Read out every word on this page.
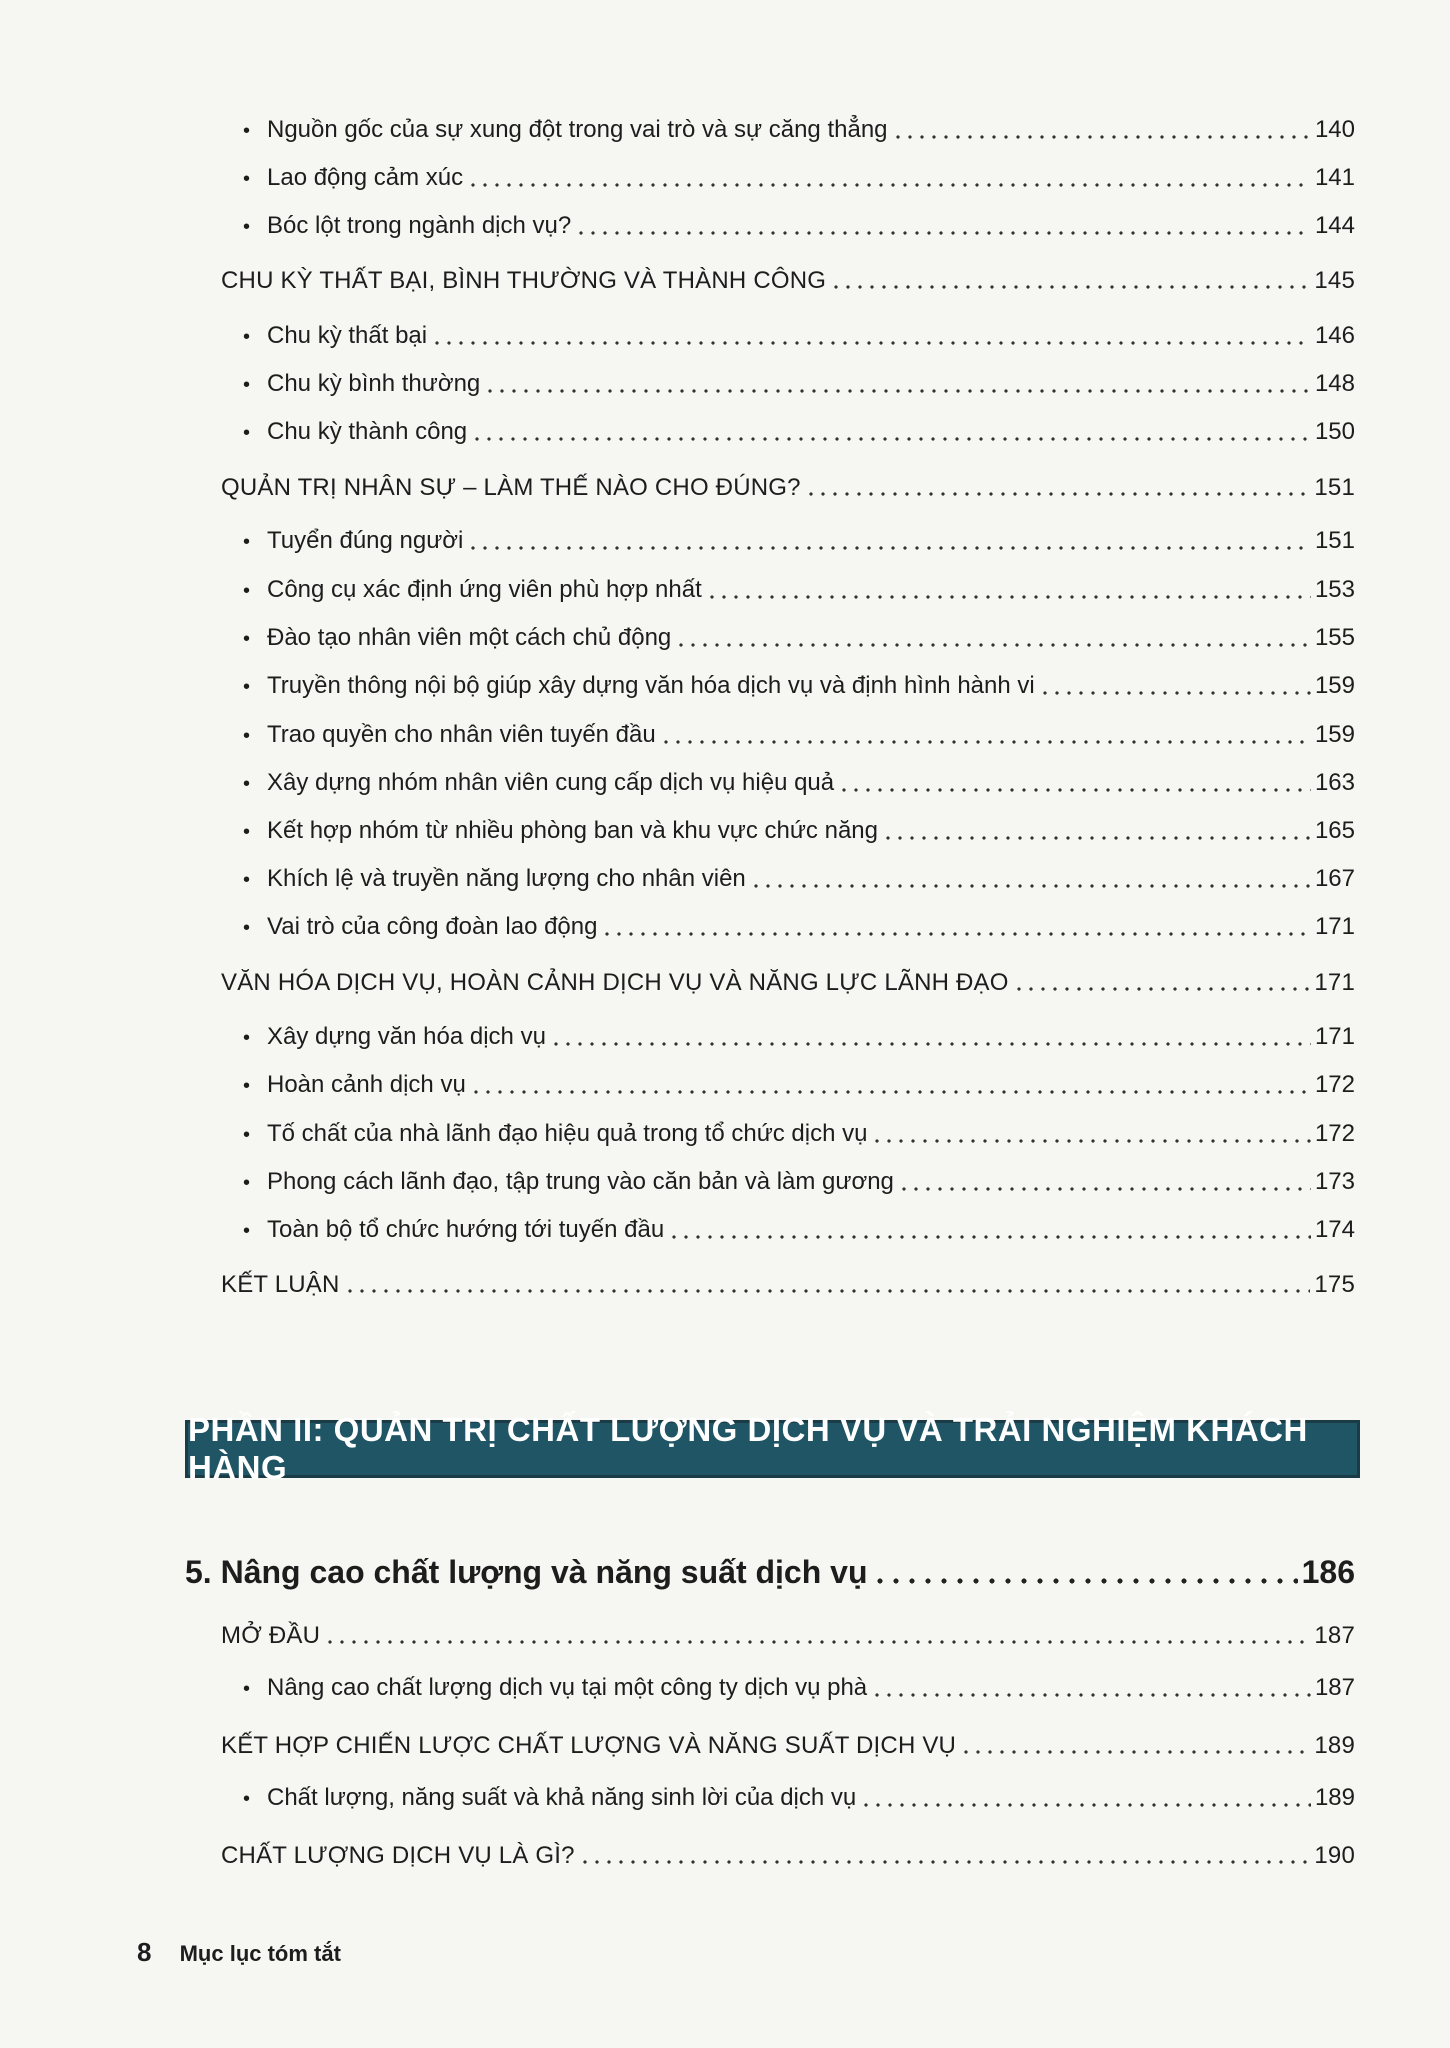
• Nguồn gốc của sự xung đột trong vai trò và sự căng thẳng	140
• Lao động cảm xúc	141
• Bóc lột trong ngành dịch vụ?	144
CHU KỲ THẤT BẠI, BÌNH THƯỜNG VÀ THÀNH CÔNG	145
• Chu kỳ thất bại	146
• Chu kỳ bình thường	148
• Chu kỳ thành công	150
QUẢN TRỊ NHÂN SỰ – LÀM THẾ NÀO CHO ĐÚNG?	151
• Tuyển đúng người	151
• Công cụ xác định ứng viên phù hợp nhất	153
• Đào tạo nhân viên một cách chủ động	155
• Truyền thông nội bộ giúp xây dựng văn hóa dịch vụ và định hình hành vi	159
• Trao quyền cho nhân viên tuyến đầu	159
• Xây dựng nhóm nhân viên cung cấp dịch vụ hiệu quả	163
• Kết hợp nhóm từ nhiều phòng ban và khu vực chức năng	165
• Khích lệ và truyền năng lượng cho nhân viên	167
• Vai trò của công đoàn lao động	171
VĂN HÓA DỊCH VỤ, HOÀN CẢNH DỊCH VỤ VÀ NĂNG LỰC LÃNH ĐẠO	171
• Xây dựng văn hóa dịch vụ	171
• Hoàn cảnh dịch vụ	172
• Tố chất của nhà lãnh đạo hiệu quả trong tổ chức dịch vụ	172
• Phong cách lãnh đạo, tập trung vào căn bản và làm gương	173
• Toàn bộ tổ chức hướng tới tuyến đầu	174
KẾT LUẬN	175
PHẦN II: QUẢN TRỊ CHẤT LƯỢNG DỊCH VỤ VÀ TRẢI NGHIỆM KHÁCH HÀNG
5. Nâng cao chất lượng và năng suất dịch vụ	186
MỞ ĐẦU	187
• Nâng cao chất lượng dịch vụ tại một công ty dịch vụ phà	187
KẾT HỢP CHIẾN LƯỢC CHẤT LƯỢNG VÀ NĂNG SUẤT DỊCH VỤ	189
• Chất lượng, năng suất và khả năng sinh lời của dịch vụ	189
CHẤT LƯỢNG DỊCH VỤ LÀ GÌ?	190
8 Mục lục tóm tắt
